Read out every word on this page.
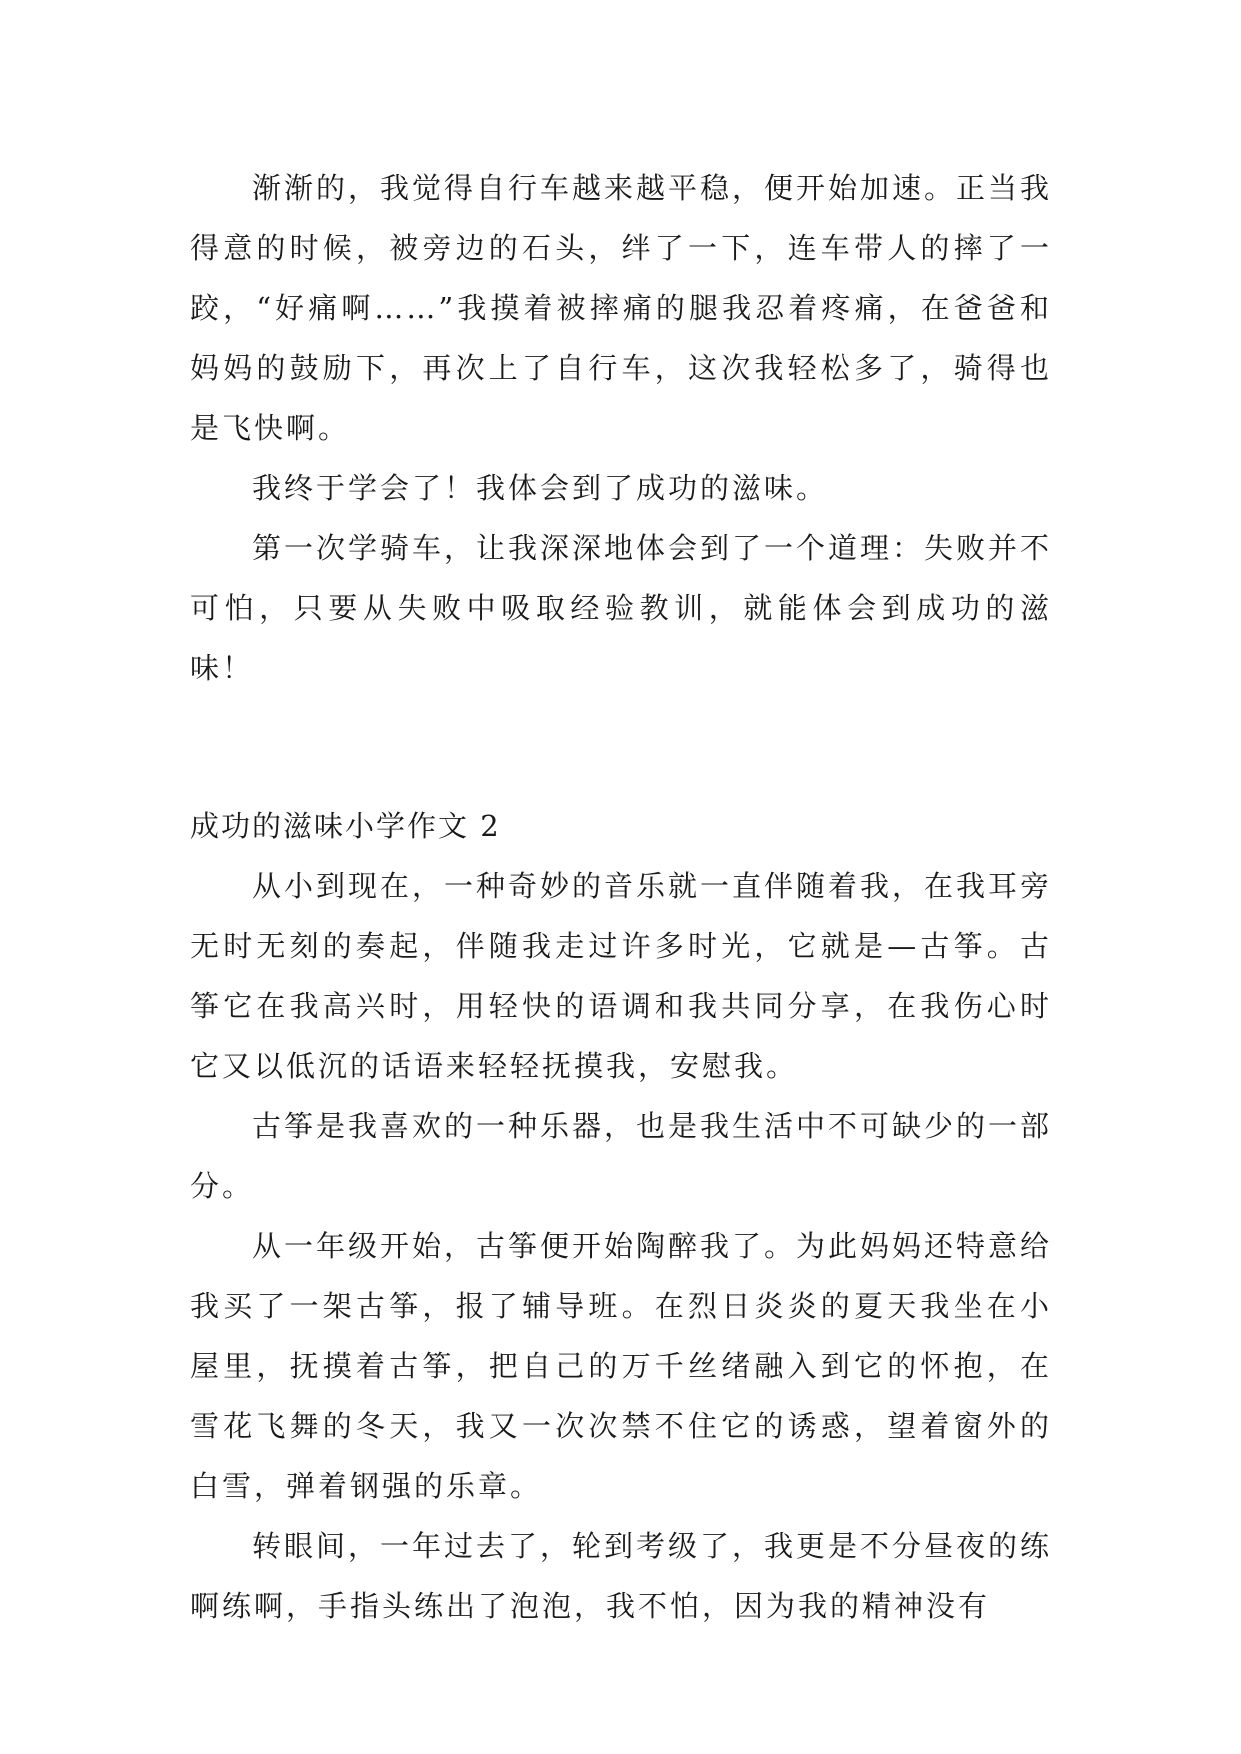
渐渐的，我觉得自行车越来越平稳，便开始加速。正当我得意的时候，被旁边的石头，绊了一下，连车带人的摔了一跤，“好痛啊……”我摸着被摔痛的腿我忍着疼痛，在爸爸和妈妈的鼓励下，再次上了自行车，这次我轻松多了，骑得也是飞快啊。

我终于学会了！我体会到了成功的滋味。

第一次学骑车，让我深深地体会到了一个道理：失败并不可怕，只要从失败中吸取经验教训，就能体会到成功的滋味！

成功的滋味小学作文 2

从小到现在，一种奇妙的音乐就一直伴随着我，在我耳旁无时无刻的奏起，伴随我走过许多时光，它就是—古筝。古筝它在我高兴时，用轻快的语调和我共同分享，在我伤心时它又以低沉的话语来轻轻抚摸我，安慰我。

古筝是我喜欢的一种乐器，也是我生活中不可缺少的一部分。

从一年级开始，古筝便开始陶醉我了。为此妈妈还特意给我买了一架古筝，报了辅导班。在烈日炎炎的夏天我坐在小屋里，抚摸着古筝，把自己的万千丝绪融入到它的怀抱，在雪花飞舞的冬天，我又一次次禁不住它的诱惑，望着窗外的白雪，弹着钢强的乐章。

转眼间，一年过去了，轮到考级了，我更是不分昼夜的练啊练啊，手指头练出了泡泡，我不怕，因为我的精神没有
